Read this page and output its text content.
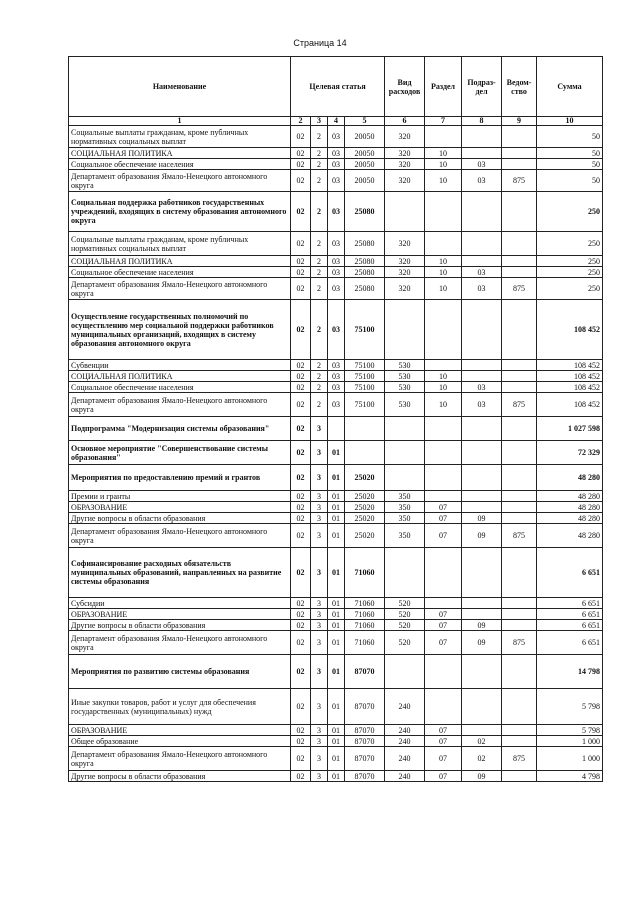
Страница 14
Наименование	Целевая статья				Вид расходов	Раздел	Подраз-дел	Ведом-ство	Сумма
1	2	3	4	5	6	7	8	9	10
Социальные выплаты гражданам, кроме публичных нормативных социальных выплат	02	2	03	20050	320				50
СОЦИАЛЬНАЯ ПОЛИТИКА	02	2	03	20050	320	10			50
Социальное обеспечение населения	02	2	03	20050	320	10	03		50
Департамент образования Ямало-Ненецкого автономного округа	02	2	03	20050	320	10	03	875	50
Социальная поддержка работников государственных учреждений, входящих в систему образования автономного округа	02	2	03	25080					250
Социальные выплаты гражданам, кроме публичных нормативных социальных выплат	02	2	03	25080	320				250
СОЦИАЛЬНАЯ ПОЛИТИКА	02	2	03	25080	320	10			250
Социальное обеспечение населения	02	2	03	25080	320	10	03		250
Департамент образования Ямало-Ненецкого автономного округа	02	2	03	25080	320	10	03	875	250
Осуществление государственных полномочий по осуществлению мер социальной поддержки работников муниципальных организаций, входящих в систему образования автономного округа	02	2	03	75100					108 452
Субвенции	02	2	03	75100	530				108 452
СОЦИАЛЬНАЯ ПОЛИТИКА	02	2	03	75100	530	10			108 452
Социальное обеспечение населения	02	2	03	75100	530	10	03		108 452
Департамент образования Ямало-Ненецкого автономного округа	02	2	03	75100	530	10	03	875	108 452
Подпрограмма "Модернизация системы образования"	02	3							1 027 598
Основное мероприятие "Совершенствование системы образования"	02	3	01						72 329
Мероприятия по предоставлению премий и грантов	02	3	01	25020					48 280
Премии и гранты	02	3	01	25020	350				48 280
ОБРАЗОВАНИЕ	02	3	01	25020	350	07			48 280
Другие вопросы в области образования	02	3	01	25020	350	07	09		48 280
Департамент образования Ямало-Ненецкого автономного округа	02	3	01	25020	350	07	09	875	48 280
Софинансирование расходных обязательств муниципальных образований, направленных на развитие системы образования	02	3	01	71060					6 651
Субсидии	02	3	01	71060	520				6 651
ОБРАЗОВАНИЕ	02	3	01	71060	520	07			6 651
Другие вопросы в области образования	02	3	01	71060	520	07	09		6 651
Департамент образования Ямало-Ненецкого автономного округа	02	3	01	71060	520	07	09	875	6 651
Мероприятия по развитию системы образования	02	3	01	87070					14 798
Иные закупки товаров, работ и услуг для обеспечения государственных (муниципальных) нужд	02	3	01	87070	240				5 798
ОБРАЗОВАНИЕ	02	3	01	87070	240	07			5 798
Общее образование	02	3	01	87070	240	07	02		1 000
Департамент образования Ямало-Ненецкого автономного округа	02	3	01	87070	240	07	02	875	1 000
Другие вопросы в области образования	02	3	01	87070	240	07	09		4 798
